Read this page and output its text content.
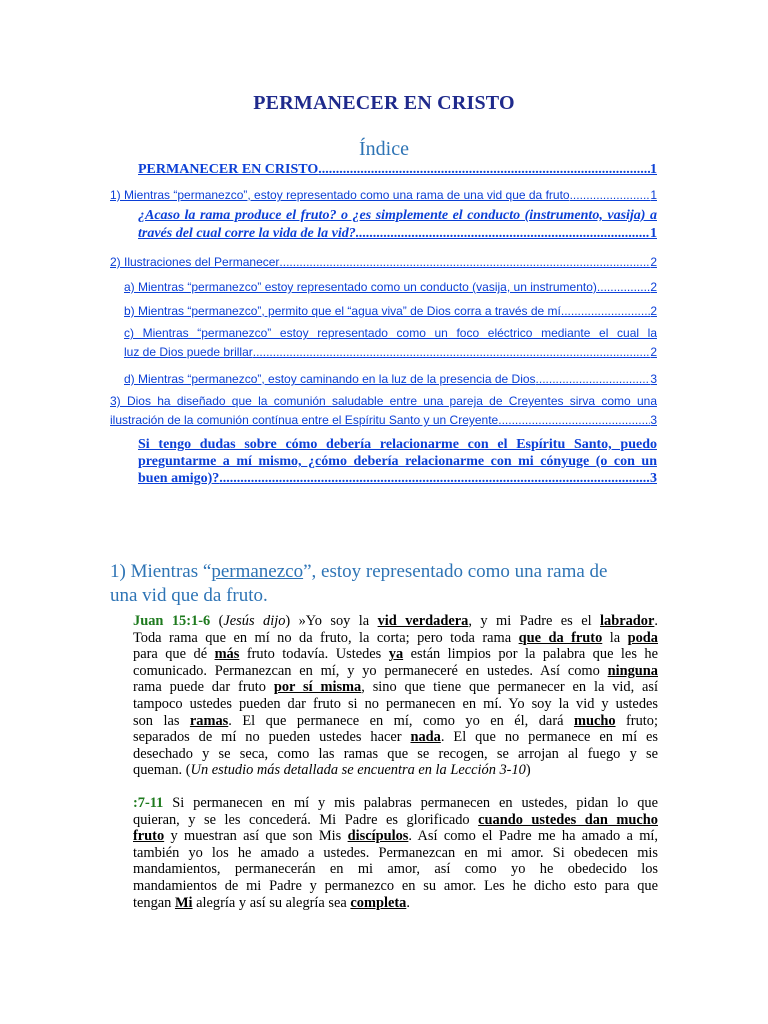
PERMANECER EN CRISTO
Índice
PERMANECER EN CRISTO .....	1
1) Mientras “permanezco”, estoy representado como una rama de una vid que da fruto .....	1
¿Acaso la rama produce el fruto? o ¿es simplemente el conducto (instrumento, vasija) a
través del cual corre la vida de la vid? .....	1
2) Ilustraciones del Permanecer .....	2
a) Mientras “permanezco” estoy representado como un conducto (vasija, un instrumento) .....	2
b) Mientras “permanezco”, permito que el “agua viva” de Dios corra a través de mí .....	2
c) Mientras “permanezco” estoy representado como un foco eléctrico mediante el cual la
luz de Dios puede brillar .....	2
d) Mientras “permanezco”, estoy caminando en la luz de la presencia de Dios .....	3
3) Dios ha diseñado que la comunión saludable entre una pareja de Creyentes sirva como una
ilustración de la comunión contínua entre el Espíritu Santo y un Creyente .....	3
Si tengo dudas sobre cómo debería relacionarme con el Espíritu Santo, puedo
preguntarme a mí mismo, ¿cómo debería relacionarme con mi cónyuge (o con un
buen amigo)? .....	3
1) Mientras “permanezco”, estoy representado como una rama de
una vid que da fruto.
Juan 15:1-6 (Jesús dijo) »Yo soy la vid verdadera, y mi Padre es el labrador.
Toda rama que en mí no da fruto, la corta; pero toda rama que da fruto la poda
para que dé más fruto todavía. Ustedes ya están limpios por la palabra que les he
comunicado. Permanezcan en mí, y yo permaneceré en ustedes. Así como ninguna
rama puede dar fruto por sí misma, sino que tiene que permanecer en la vid, así
tampoco ustedes pueden dar fruto si no permanecen en mí. Yo soy la vid y ustedes
son las ramas. El que permanece en mí, como yo en él, dará mucho fruto;
separados de mí no pueden ustedes hacer nada. El que no permanece en mí es
desechado y se seca, como las ramas que se recogen, se arrojan al fuego y se
queman. (Un estudio más detallada se encuentra en la Lección 3-10)
:7-11 Si permanecen en mí y mis palabras permanecen en ustedes, pidan lo que
quieran, y se les concederá. Mi Padre es glorificado cuando ustedes dan mucho
fruto y muestran así que son Mis discípulos. Así como el Padre me ha amado a mí,
también yo los he amado a ustedes. Permanezcan en mi amor. Si obedecen mis
mandamientos, permanecerán en mi amor, así como yo he obedecido los
mandamientos de mi Padre y permanezco en su amor. Les he dicho esto para que
tengan Mi alegría y así su alegría sea completa.
